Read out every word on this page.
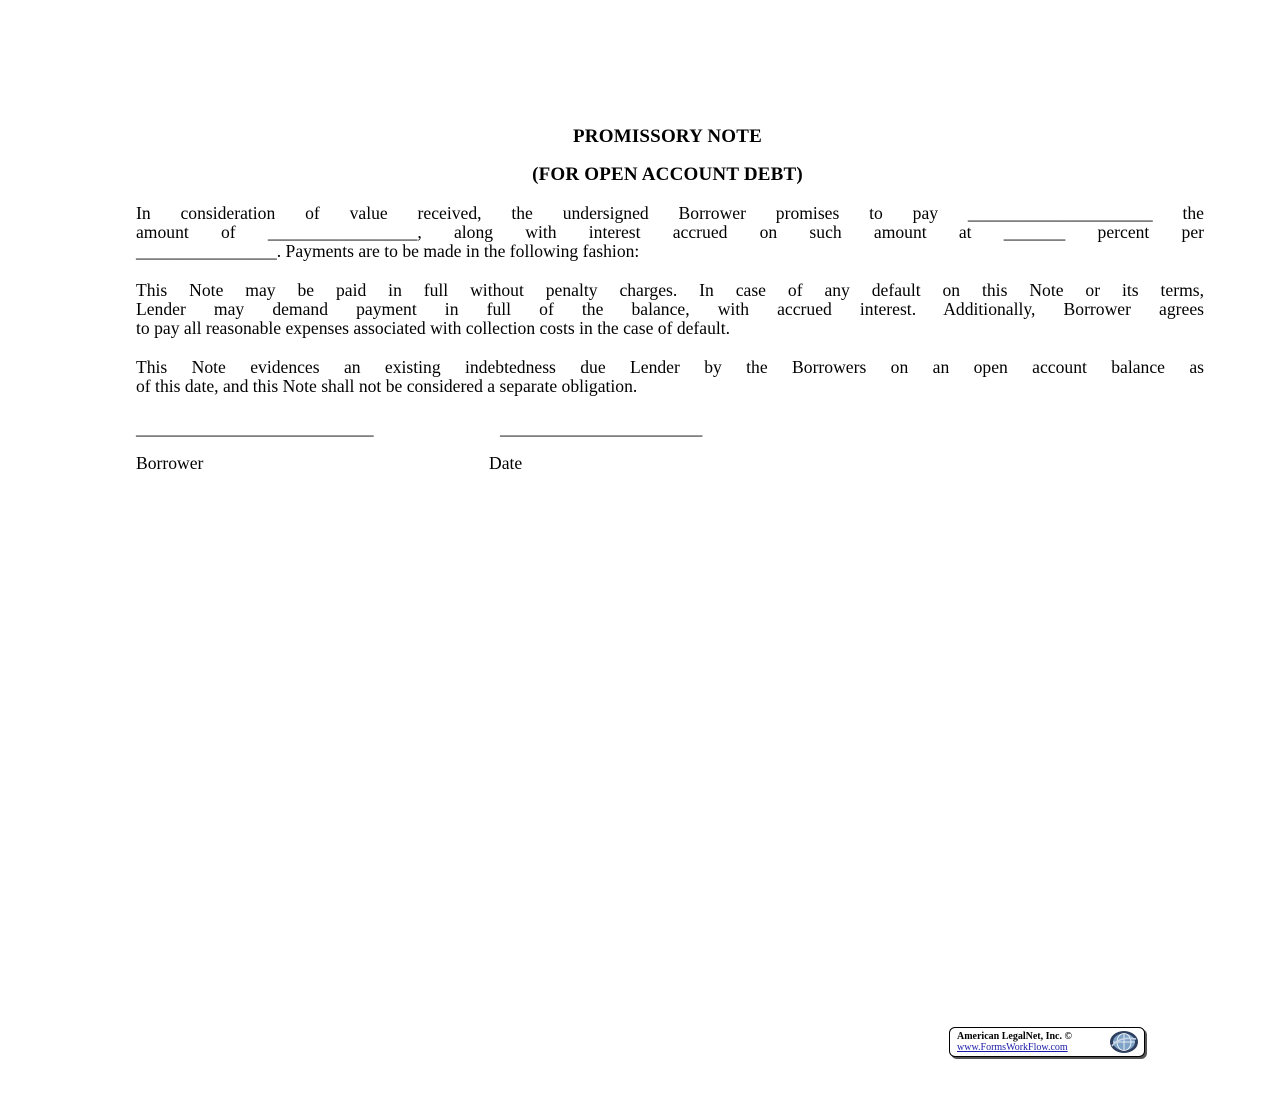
PROMISSORY NOTE
(FOR OPEN ACCOUNT DEBT)
In consideration of value received, the undersigned Borrower promises to pay _____________________ the
amount of _________________, along with interest accrued on such amount at _______ percent per
________________. Payments are to be made in the following fashion:
This Note may be paid in full without penalty charges. In case of any default on this Note or its terms,
Lender may demand payment in full of the balance, with accrued interest. Additionally, Borrower agrees
to pay all reasonable expenses associated with collection costs in the case of default.
This Note evidences an existing indebtedness due Lender by the Borrowers on an open account balance as
of this date, and this Note shall not be considered a separate obligation.
___________________________	_______________________
Borrower	Date
American LegalNet, Inc. ©
www.FormsWorkFlow.com
